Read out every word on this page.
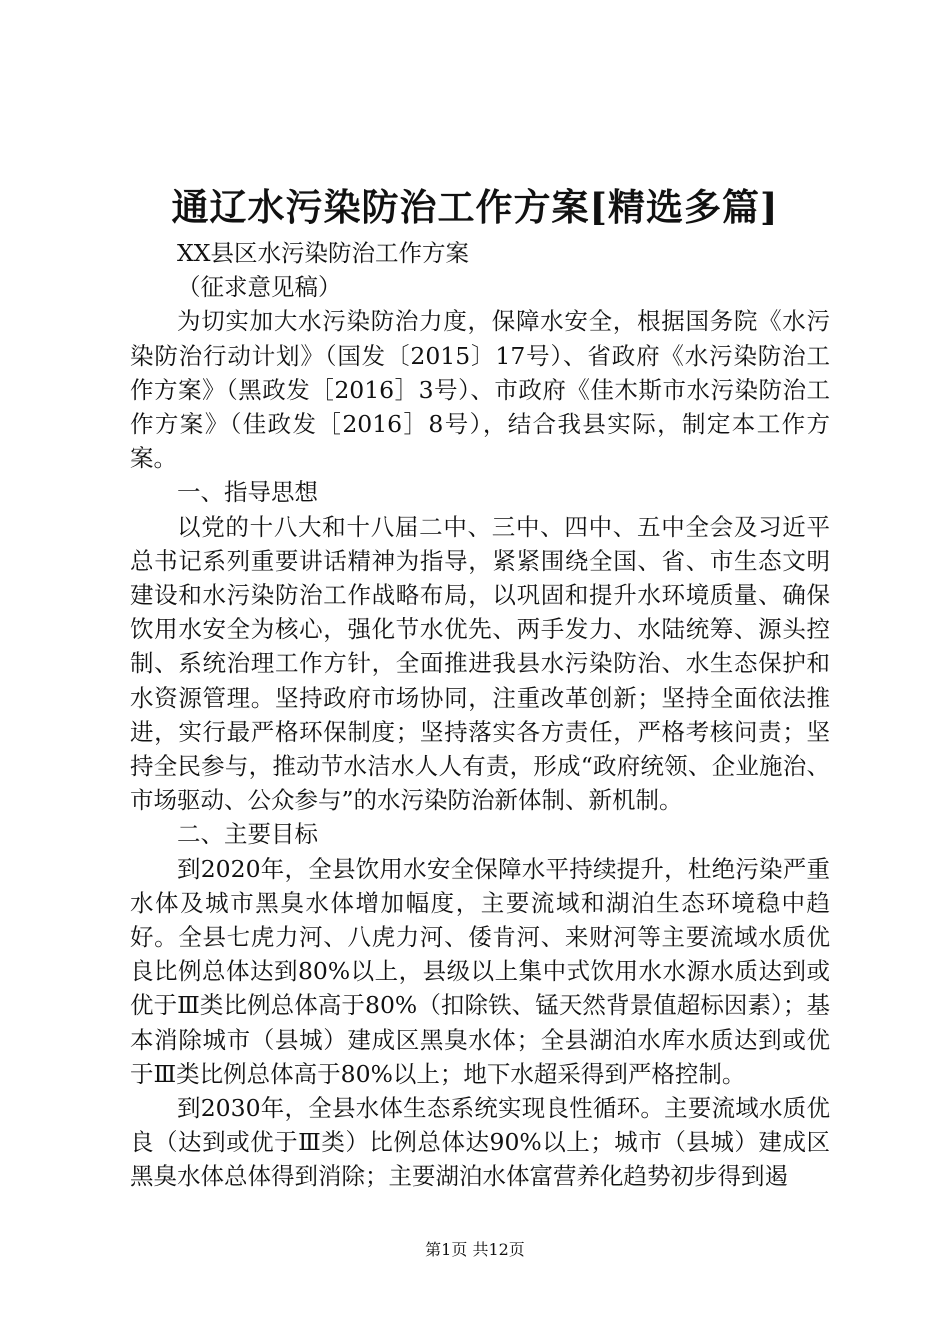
通辽水污染防治工作方案[精选多篇]

XX县区水污染防治工作方案

（征求意见稿）

为切实加大水污染防治力度，保障水安全，根据国务院《水污染防治行动计划》（国发〔2015〕17号）、省政府《水污染防治工作方案》（黑政发［2016］3号）、市政府《佳木斯市水污染防治工作方案》（佳政发［2016］8号），结合我县实际，制定本工作方案。

一、指导思想

以党的十八大和十八届二中、三中、四中、五中全会及习近平总书记系列重要讲话精神为指导，紧紧围绕全国、省、市生态文明建设和水污染防治工作战略布局，以巩固和提升水环境质量、确保饮用水安全为核心，强化节水优先、两手发力、水陆统筹、源头控制、系统治理工作方针，全面推进我县水污染防治、水生态保护和水资源管理。坚持政府市场协同，注重改革创新；坚持全面依法推进，实行最严格环保制度；坚持落实各方责任，严格考核问责；坚持全民参与，推动节水洁水人人有责，形成“政府统领、企业施治、市场驱动、公众参与”的水污染防治新体制、新机制。

二、主要目标

到2020年，全县饮用水安全保障水平持续提升，杜绝污染严重水体及城市黑臭水体增加幅度，主要流域和湖泊生态环境稳中趋好。全县七虎力河、八虎力河、倭肯河、来财河等主要流域水质优良比例总体达到80%以上，县级以上集中式饮用水水源水质达到或优于Ⅲ类比例总体高于80%（扣除铁、锰天然背景值超标因素）；基本消除城市（县城）建成区黑臭水体；全县湖泊水库水质达到或优于Ⅲ类比例总体高于80%以上；地下水超采得到严格控制。

到2030年，全县水体生态系统实现良性循环。主要流域水质优良（达到或优于Ⅲ类）比例总体达90%以上；城市（县城）建成区黑臭水体总体得到消除；主要湖泊水体富营养化趋势初步得到遏

第1页 共12页
